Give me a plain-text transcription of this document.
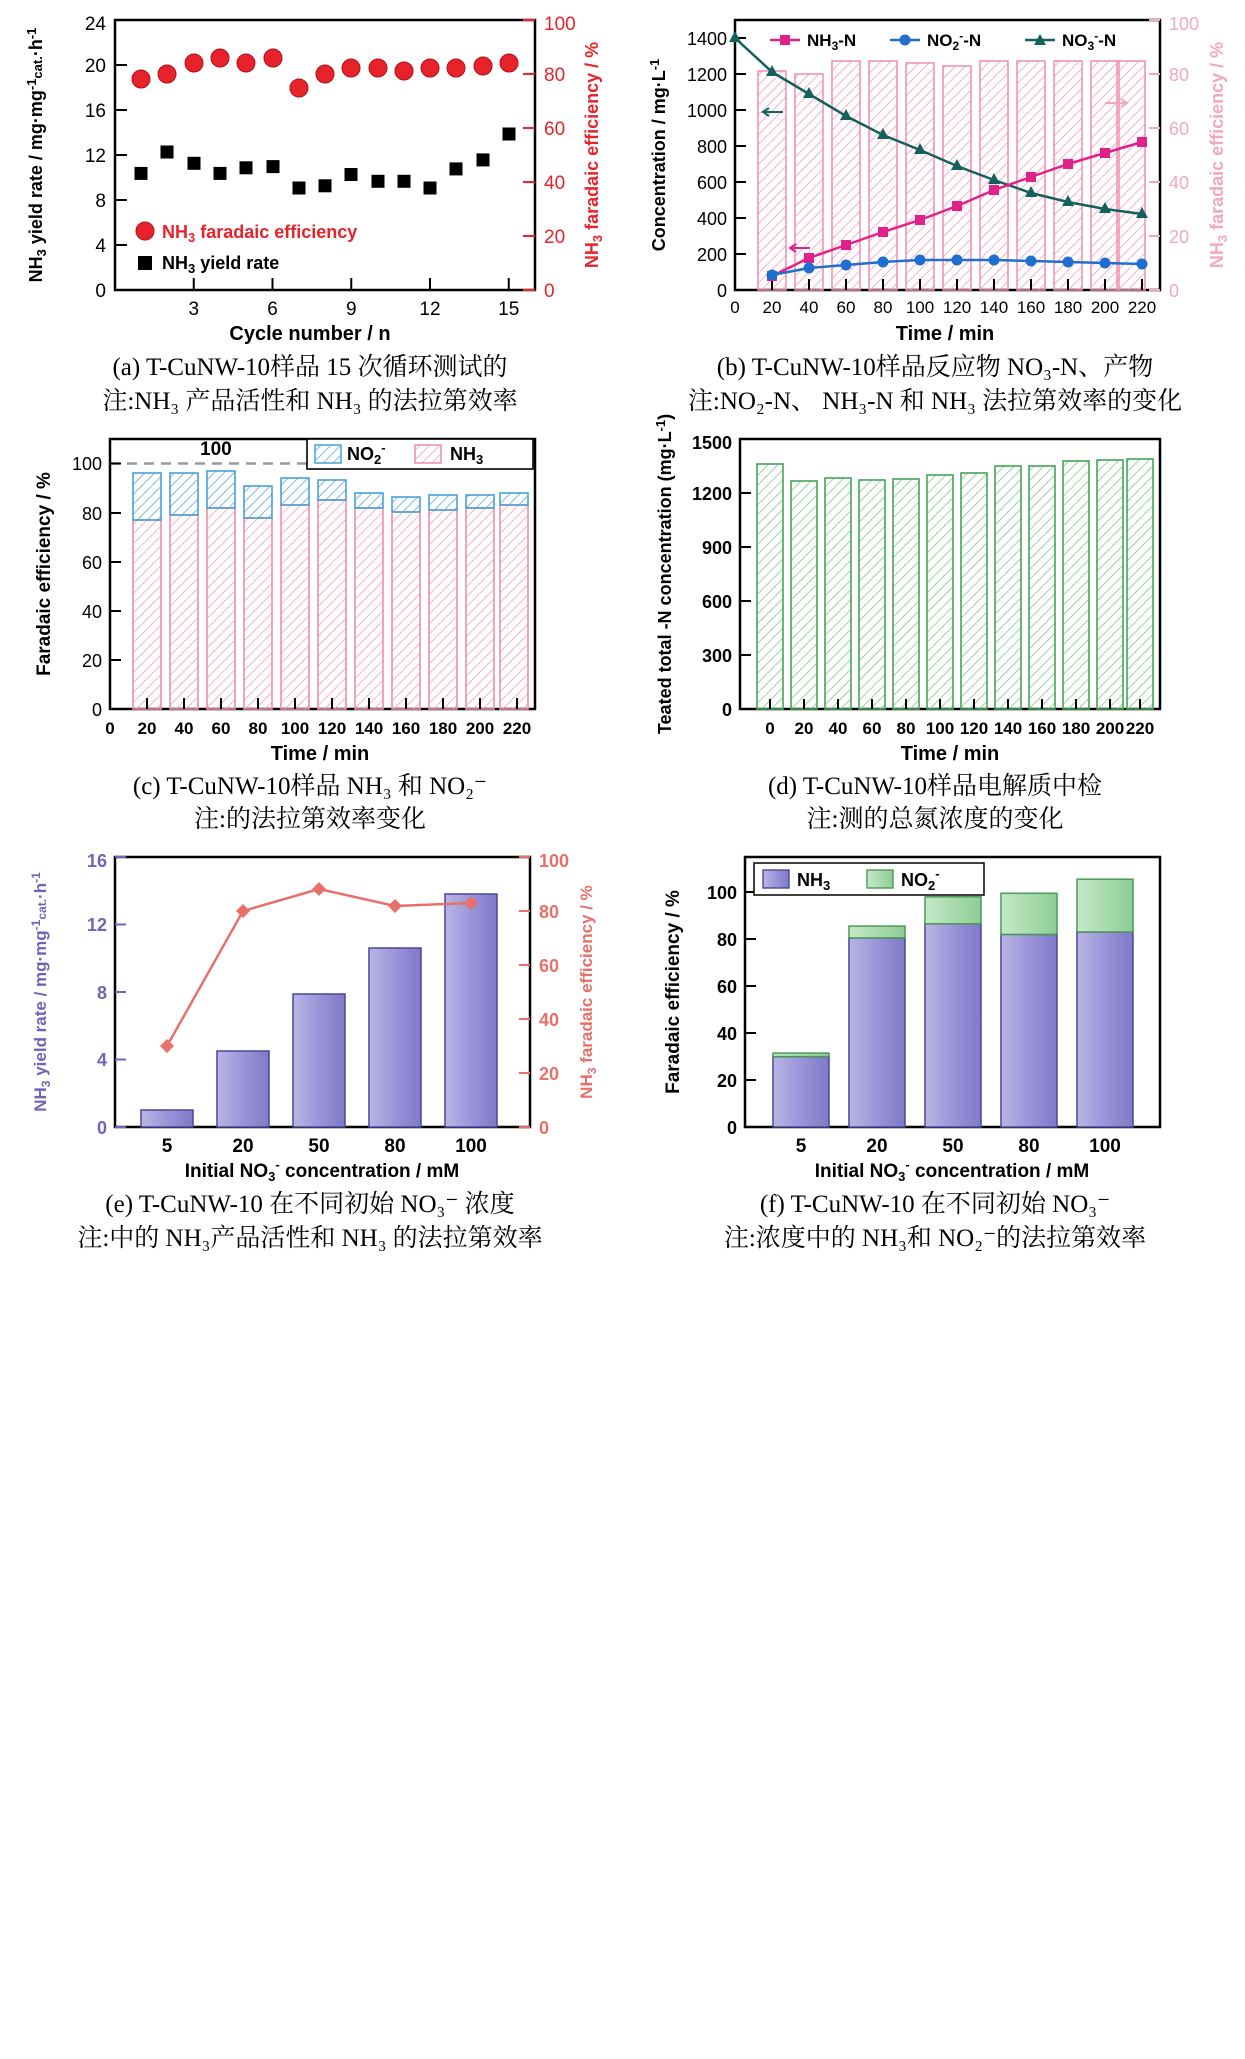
0
4
8
12
16
20
24
0
20
40
60
80
100
3	6	9	12	15
Cycle number / n
$NH_3$ yield rate / $mg\cdot mg^{-1}_{cat.}\cdot h^{-1}$
$NH_3$ faradaic efficiency / %
$NH_3$ faradaic efficiency
$NH_3$ yield rate
(a) T-CuNW-10样品 15 次循环测试的
注:NH₃ 产品活性和 NH₃ 的法拉第效率
0
200
400
600
800
1000
1200
1400
0
20
40
60
80
100
0 20 40 60 80 100 120 140 160 180 200 220
Time / min
Concentration / $mg\cdot L^{-1}$
$NH_3$ faradaic efficiency / %
$NH_3-N$	$NO_2^--N$	$NO_3^--N$
(b) T-CuNW-10样品反应物 NO₃-N、产物
注:NO₂-N、 NH₃-N 和 NH₃ 法拉第效率的变化
100
0
20
40
60
80
100
0 20 40 60 80 100 120 140 160 180 200 220
Time / min
Faradaic efficiency / %
$NO_2^-$	$NH_3$
(c) T-CuNW-10样品 NH₃ 和 NO₂⁻
注:的法拉第效率变化
0
300
600
900
1200
1500
0 20 40 60 80 100 120 140 160 180 200 220
Time / min
Teated total -N concentration $(mg\cdot L^{-1})$
(d) T-CuNW-10样品电解质中检
注:测的总氮浓度的变化
0
4
8
12
16
0
20
40
60
80
100
5	20	50	80	100
Initial $NO_3^-$ concentration / mM
$NH_3$ yield rate / $mg\cdot mg^{-1}_{cat.}\cdot h^{-1}$
$NH_3$ faradaic efficiency / %
(e) T-CuNW-10 在不同初始 NO₃⁻ 浓度
注:中的 NH₃产品活性和 NH₃ 的法拉第效率
0
20
40
60
80
100
5	20	50	80	100
Initial $NO_3^-$ concentration / mM
Faradaic efficiency / %
$NH_3$	$NO_2^-$
(f) T-CuNW-10 在不同初始 NO₃⁻
注:浓度中的 NH₃和 NO₂⁻的法拉第效率
